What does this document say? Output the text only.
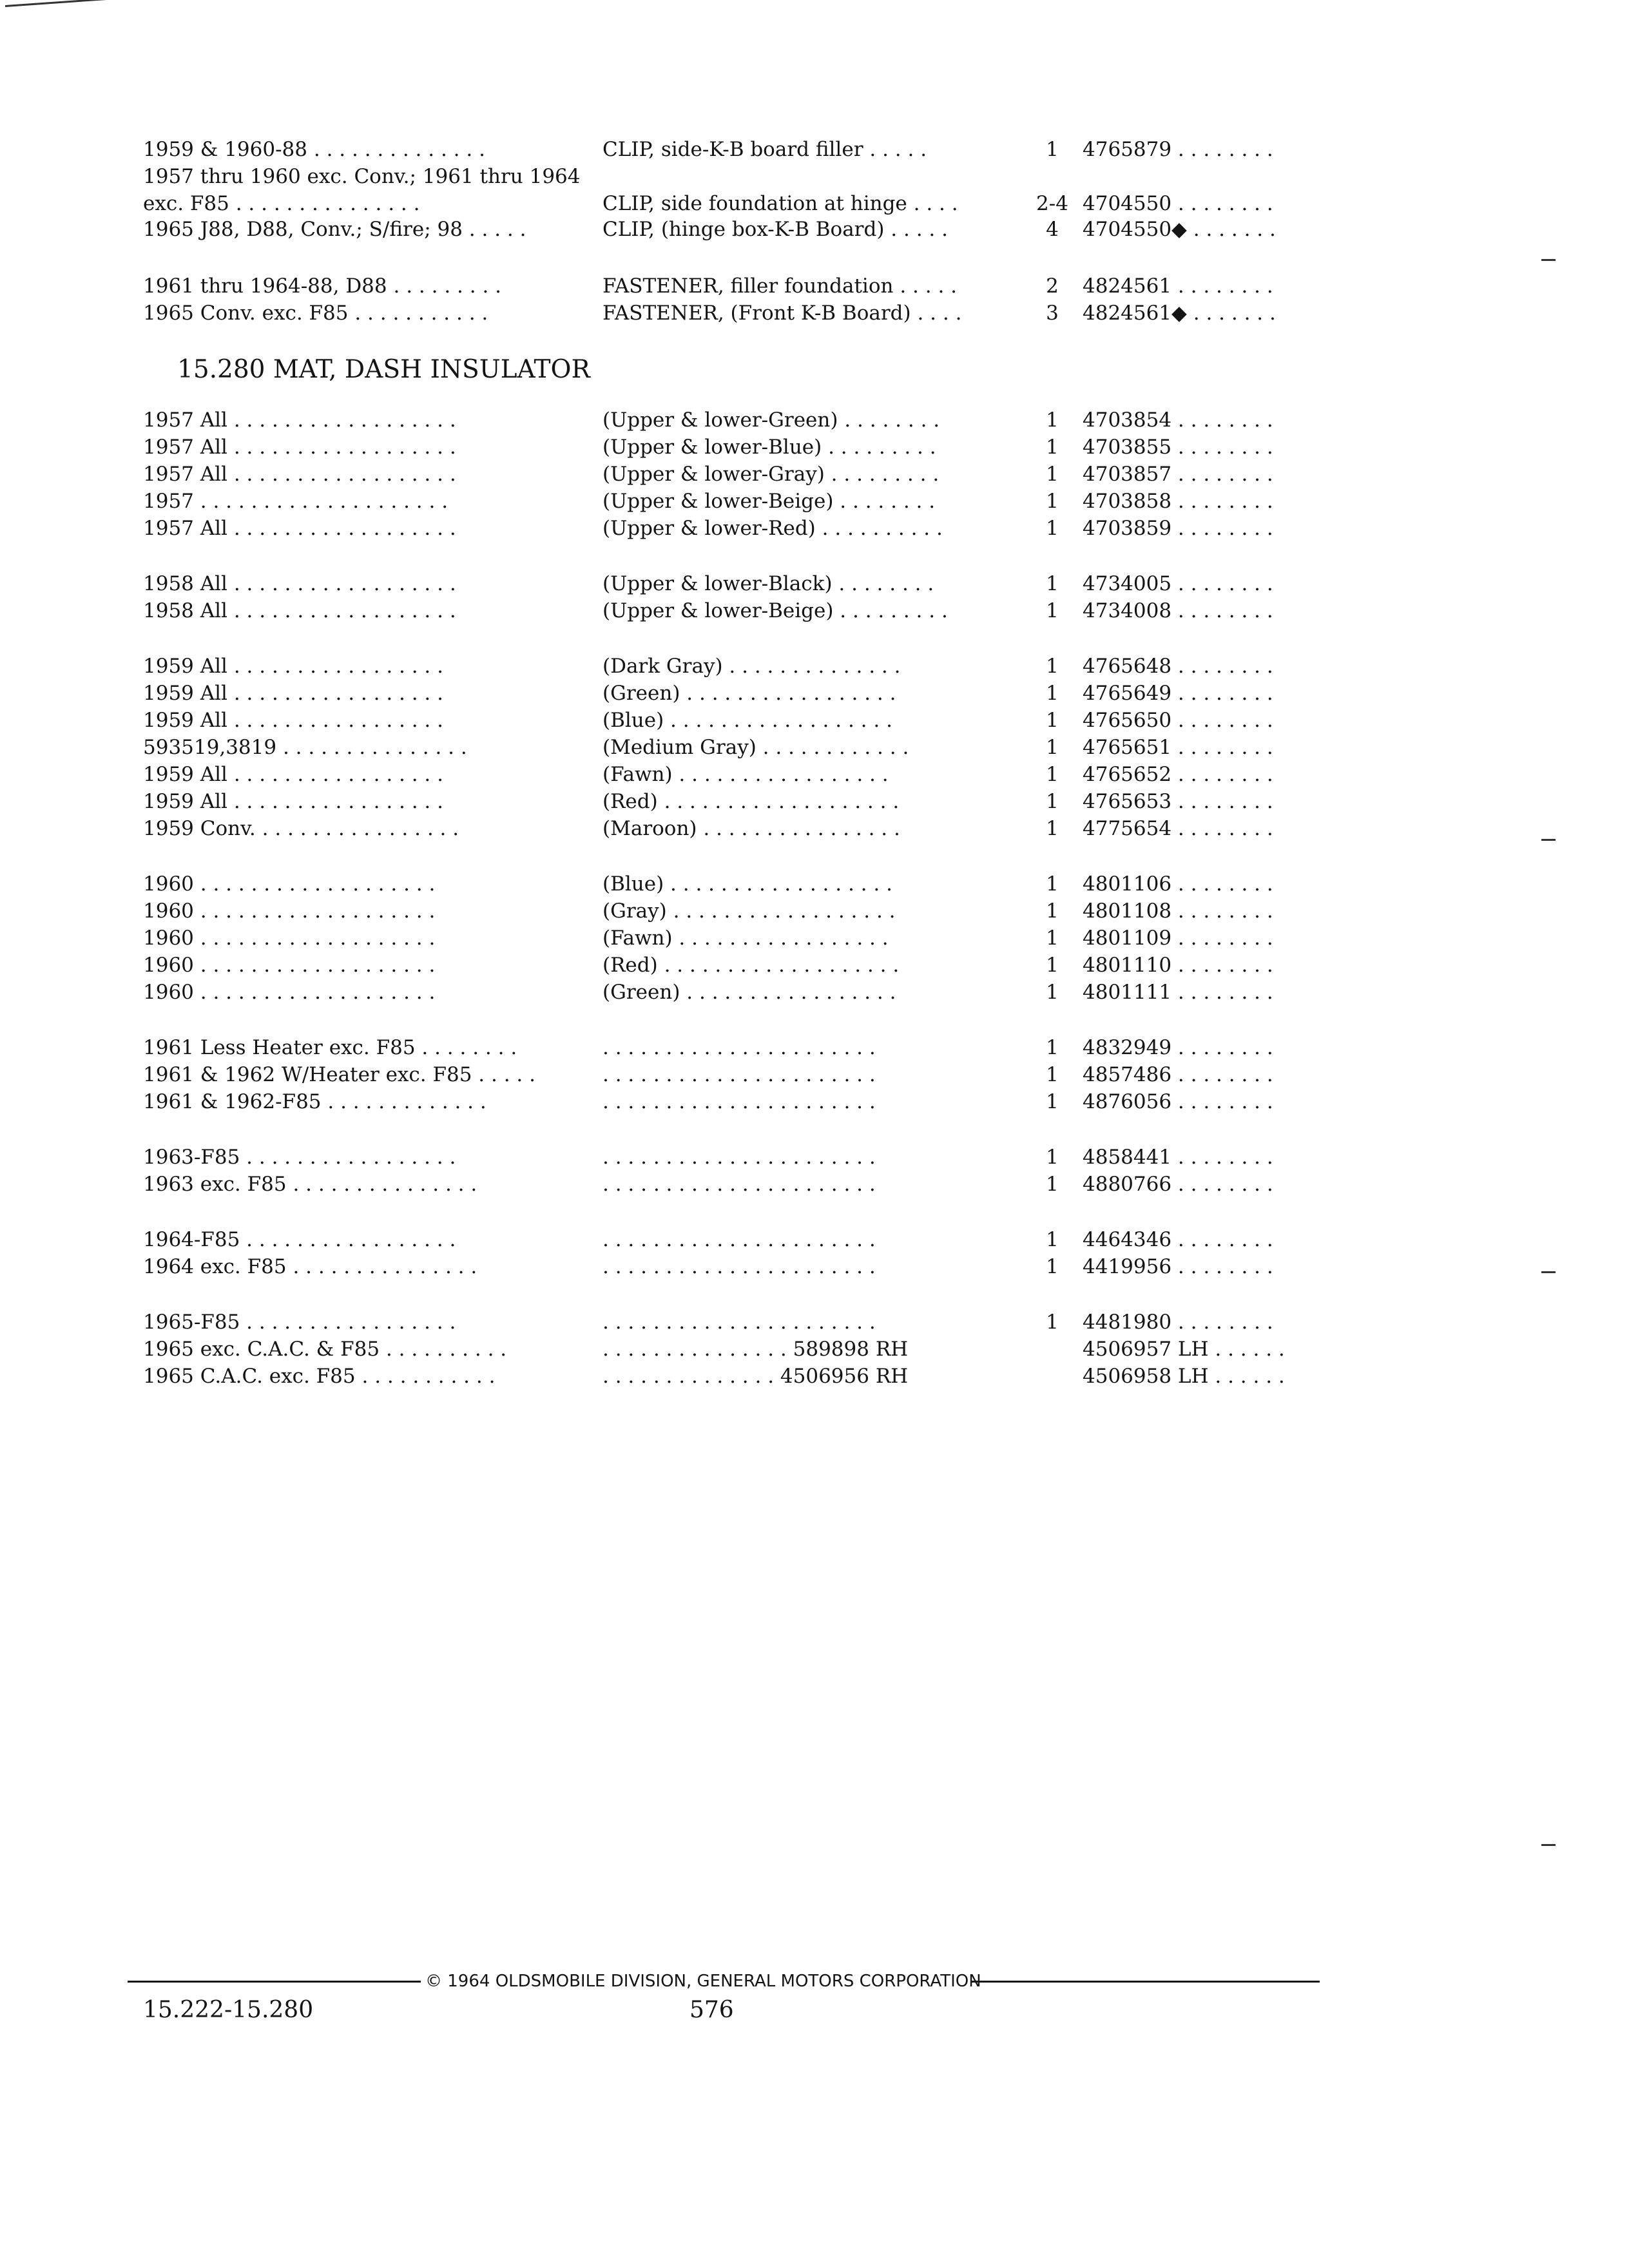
1959 & 1960-88 . . . . . . . . . . . . . .	CLIP, side-K-B board filler . . . . .	1	4765879 . . . . . . . .
1957 thru 1960 exc. Conv.; 1961 thru 1964
exc. F85 . . . . . . . . . . . . . . .	CLIP, side foundation at hinge . . . .	2-4 4704550 . . . . . . . .
1965 J88, D88, Conv.; S/fire; 98 . . . . .	CLIP, (hinge box-K-B Board) . . . . .	4	4704550◆ . . . . . . .
1961 thru 1964-88, D88 . . . . . . . . .	FASTENER, filler foundation . . . . .	2	4824561 . . . . . . . .
1965 Conv. exc. F85 . . . . . . . . . . .	FASTENER, (Front K-B Board) . . . .	3	4824561◆ . . . . . . .
15.280 MAT, DASH INSULATOR
1957 All . . . . . . . . . . . . . . . . . .	(Upper & lower-Green) . . . . . . . .	1	4703854 . . . . . . . .
1957 All . . . . . . . . . . . . . . . . . .	(Upper & lower-Blue) . . . . . . . . .	1	4703855 . . . . . . . .
1957 All . . . . . . . . . . . . . . . . . .	(Upper & lower-Gray) . . . . . . . . .	1	4703857 . . . . . . . .
1957 . . . . . . . . . . . . . . . . . . . .	(Upper & lower-Beige) . . . . . . . .	1	4703858 . . . . . . . .
1957 All . . . . . . . . . . . . . . . . . .	(Upper & lower-Red) . . . . . . . . . .	1	4703859 . . . . . . . .
1958 All . . . . . . . . . . . . . . . . . .	(Upper & lower-Black) . . . . . . . .	1	4734005 . . . . . . . .
1958 All . . . . . . . . . . . . . . . . . .	(Upper & lower-Beige) . . . . . . . . .	1	4734008 . . . . . . . .
1959 All . . . . . . . . . . . . . . . . .	(Dark Gray) . . . . . . . . . . . . . .	1	4765648 . . . . . . . .
1959 All . . . . . . . . . . . . . . . . .	(Green) . . . . . . . . . . . . . . . . .	1	4765649 . . . . . . . .
1959 All . . . . . . . . . . . . . . . . .	(Blue) . . . . . . . . . . . . . . . . . .	1	4765650 . . . . . . . .
593519,3819 . . . . . . . . . . . . . . .	(Medium Gray) . . . . . . . . . . . .	1	4765651 . . . . . . . .
1959 All . . . . . . . . . . . . . . . . .	(Fawn) . . . . . . . . . . . . . . . . .	1	4765652 . . . . . . . .
1959 All . . . . . . . . . . . . . . . . .	(Red) . . . . . . . . . . . . . . . . . . .	1	4765653 . . . . . . . .
1959 Conv. . . . . . . . . . . . . . . . .	(Maroon) . . . . . . . . . . . . . . . .	1	4775654 . . . . . . . .
1960 . . . . . . . . . . . . . . . . . . .	(Blue) . . . . . . . . . . . . . . . . . .	1	4801106 . . . . . . . .
1960 . . . . . . . . . . . . . . . . . . .	(Gray) . . . . . . . . . . . . . . . . . .	1	4801108 . . . . . . . .
1960 . . . . . . . . . . . . . . . . . . .	(Fawn) . . . . . . . . . . . . . . . . .	1	4801109 . . . . . . . .
1960 . . . . . . . . . . . . . . . . . . .	(Red) . . . . . . . . . . . . . . . . . . .	1	4801110 . . . . . . . .
1960 . . . . . . . . . . . . . . . . . . .	(Green) . . . . . . . . . . . . . . . . .	1	4801111 . . . . . . . .
1961 Less Heater exc. F85 . . . . . . . .	. . . . . . . . . . . . . . . . . . . . . .	1	4832949 . . . . . . . .
1961 & 1962 W/Heater exc. F85 . . . . .	. . . . . . . . . . . . . . . . . . . . . .	1	4857486 . . . . . . . .
1961 & 1962-F85 . . . . . . . . . . . . .	. . . . . . . . . . . . . . . . . . . . . .	1	4876056 . . . . . . . .
1963-F85 . . . . . . . . . . . . . . . . .	. . . . . . . . . . . . . . . . . . . . . .	1	4858441 . . . . . . . .
1963 exc. F85 . . . . . . . . . . . . . . .	. . . . . . . . . . . . . . . . . . . . . .	1	4880766 . . . . . . . .
1964-F85 . . . . . . . . . . . . . . . . .	. . . . . . . . . . . . . . . . . . . . . .	1	4464346 . . . . . . . .
1964 exc. F85 . . . . . . . . . . . . . . .	. . . . . . . . . . . . . . . . . . . . . .	1	4419956 . . . . . . . .
1965-F85 . . . . . . . . . . . . . . . . .	. . . . . . . . . . . . . . . . . . . . . .	1	4481980 . . . . . . . .
1965 exc. C.A.C. & F85 . . . . . . . . . .	. . . . . . . . . . . . . . . 589898 RH	4506957 LH . . . . . .
1965 C.A.C. exc. F85 . . . . . . . . . . .	. . . . . . . . . . . . . . 4506956 RH	4506958 LH . . . . . .
© 1964 OLDSMOBILE DIVISION, GENERAL MOTORS CORPORATION
15.222-15.280	576
